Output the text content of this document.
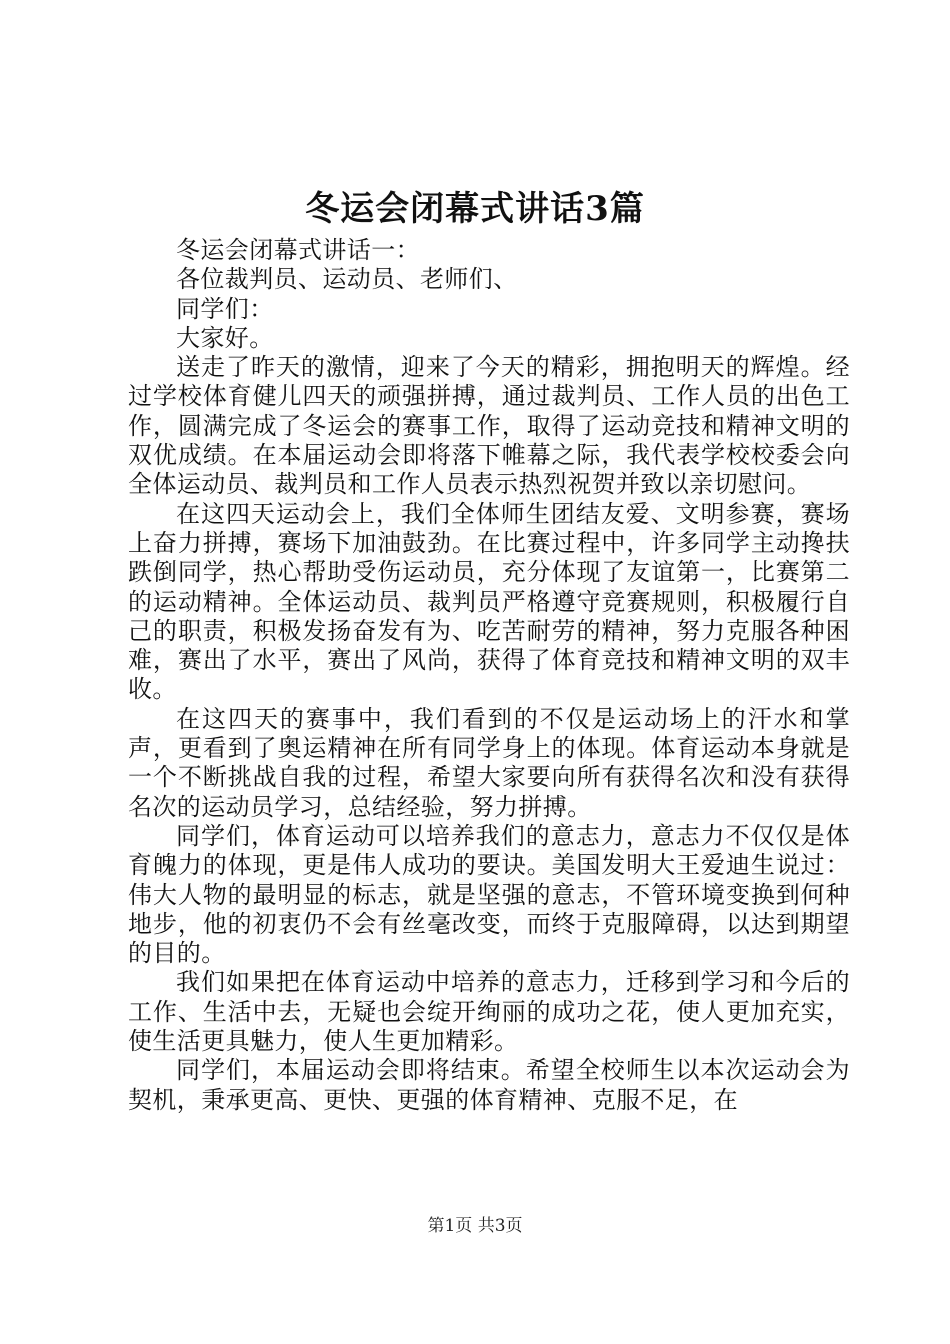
冬运会闭幕式讲话3篇

冬运会闭幕式讲话一：

各位裁判员、运动员、老师们、

同学们：

大家好。

送走了昨天的激情，迎来了今天的精彩，拥抱明天的辉煌。经过学校体育健儿四天的顽强拼搏，通过裁判员、工作人员的出色工作，圆满完成了冬运会的赛事工作，取得了运动竞技和精神文明的双优成绩。在本届运动会即将落下帷幕之际，我代表学校校委会向全体运动员、裁判员和工作人员表示热烈祝贺并致以亲切慰问。

在这四天运动会上，我们全体师生团结友爱、文明参赛，赛场上奋力拼搏，赛场下加油鼓劲。在比赛过程中，许多同学主动搀扶跌倒同学，热心帮助受伤运动员，充分体现了友谊第一，比赛第二的运动精神。全体运动员、裁判员严格遵守竞赛规则，积极履行自己的职责，积极发扬奋发有为、吃苦耐劳的精神，努力克服各种困难，赛出了水平，赛出了风尚，获得了体育竞技和精神文明的双丰收。

在这四天的赛事中，我们看到的不仅是运动场上的汗水和掌声，更看到了奥运精神在所有同学身上的体现。体育运动本身就是一个不断挑战自我的过程，希望大家要向所有获得名次和没有获得名次的运动员学习，总结经验，努力拼搏。

同学们，体育运动可以培养我们的意志力，意志力不仅仅是体育魄力的体现，更是伟人成功的要诀。美国发明大王爱迪生说过：伟大人物的最明显的标志，就是坚强的意志，不管环境变换到何种地步，他的初衷仍不会有丝毫改变，而终于克服障碍，以达到期望的目的。

我们如果把在体育运动中培养的意志力，迁移到学习和今后的工作、生活中去，无疑也会绽开绚丽的成功之花，使人更加充实，使生活更具魅力，使人生更加精彩。

同学们，本届运动会即将结束。希望全校师生以本次运动会为契机，秉承更高、更快、更强的体育精神、克服不足，在

第1页 共3页
